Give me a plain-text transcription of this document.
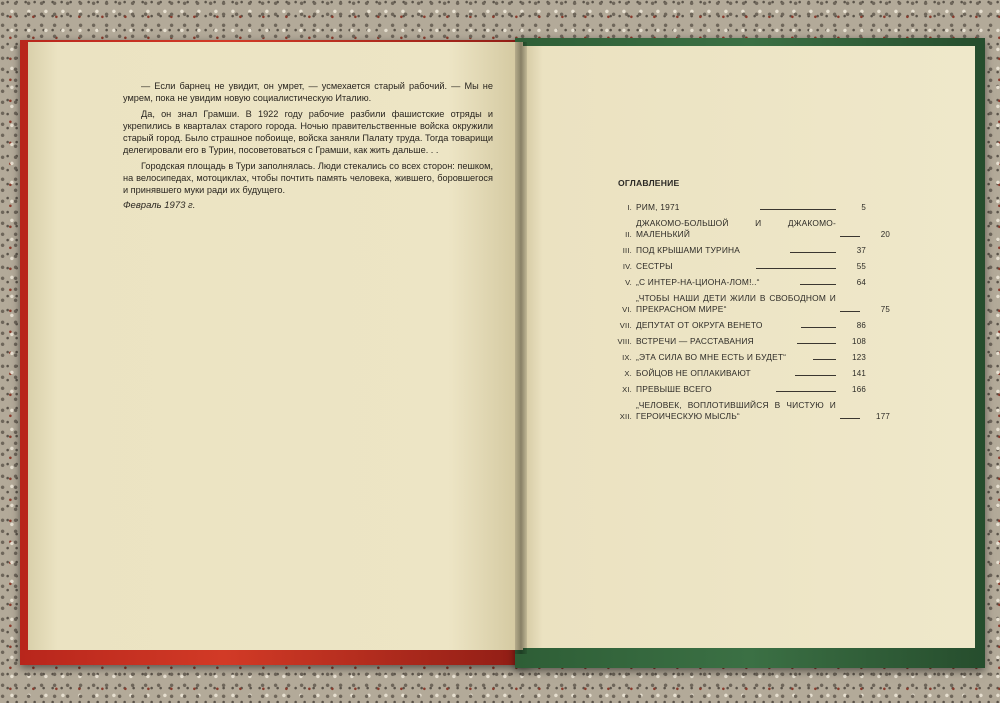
— Если барнец не увидит, он умрет, — усмехается старый рабочий. — Мы не умрем, пока не увидим новую социалистическую Италию.

Да, он знал Грамши. В 1922 году рабочие разбили фашистские отряды и укрепились в кварталах старого города. Ночью правительственные войска окружили старый город. Было страшное побоище, войска заняли Палату труда. Тогда товарищи делегировали его в Турин, посоветоваться с Грамши, как жить дальше. . .

Городская площадь в Тури заполнялась. Люди стекались со всех сторон: пешком, на велосипедах, мотоциклах, чтобы почтить память человека, жившего, боровшегося и принявшего муки ради их будущего.

Февраль 1973 г.

ОГЛАВЛЕНИЕ
I. РИМ, 1971	5
II.
ДЖАКОМО-БОЛЬШОЙ И ДЖАКОМО-МАЛЕНЬКИЙ	20
III. ПОД КРЫШАМИ ТУРИНА	37
IV. СЕСТРЫ	55
V. „С ИНТЕР-НА-ЦИОНА-ЛОМ!..“	64
VI.
„ЧТОБЫ НАШИ ДЕТИ ЖИЛИ В СВОБОДНОМ И ПРЕКРАСНОМ МИРЕ“	75
VII. ДЕПУТАТ ОТ ОКРУГА ВЕНЕТО	86
VIII. ВСТРЕЧИ — РАССТАВАНИЯ	108
IX. „ЭТА СИЛА ВО МНЕ ЕСТЬ И БУДЕТ“	123
X. БОЙЦОВ НЕ ОПЛАКИВАЮТ	141
XI. ПРЕВЫШЕ ВСЕГО	166
XII.
„ЧЕЛОВЕК, ВОПЛОТИВШИЙСЯ В ЧИСТУЮ И ГЕРОИЧЕСКУЮ МЫСЛЬ“	177
